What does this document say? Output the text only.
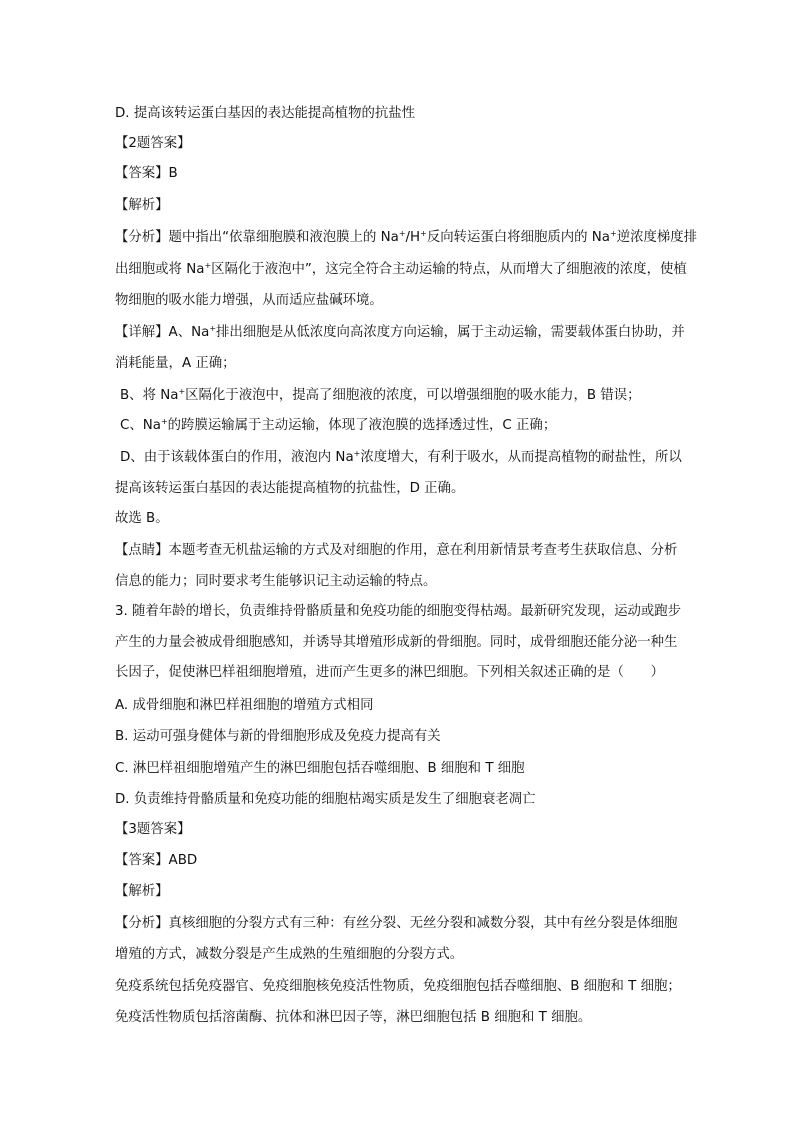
D. 提高该转运蛋白基因的表达能提高植物的抗盐性
【2题答案】
【答案】B
【解析】
【分析】题中指出“依靠细胞膜和液泡膜上的 Na+/H+反向转运蛋白将细胞质内的 Na+逆浓度梯度排
出细胞或将 Na+区隔化于液泡中”，这完全符合主动运输的特点，从而增大了细胞液的浓度，使植
物细胞的吸水能力增强，从而适应盐碱环境。
【详解】A、Na+排出细胞是从低浓度向高浓度方向运输，属于主动运输，需要载体蛋白协助，并
消耗能量，A 正确；
B、将 Na+区隔化于液泡中，提高了细胞液的浓度，可以增强细胞的吸水能力，B 错误；
C、Na+的跨膜运输属于主动运输，体现了液泡膜的选择透过性，C 正确；
D、由于该载体蛋白的作用，液泡内 Na+浓度增大，有利于吸水，从而提高植物的耐盐性，所以
提高该转运蛋白基因的表达能提高植物的抗盐性，D 正确。
故选 B。
【点睛】本题考查无机盐运输的方式及对细胞的作用，意在利用新情景考查考生获取信息、分析
信息的能力；同时要求考生能够识记主动运输的特点。
3. 随着年龄的增长，负责维持骨骼质量和免疫功能的细胞变得枯竭。最新研究发现，运动或跑步
产生的力量会被成骨细胞感知，并诱导其增殖形成新的骨细胞。同时，成骨细胞还能分泌一种生
长因子，促使淋巴样祖细胞增殖，进而产生更多的淋巴细胞。下列相关叙述正确的是（　　）
A. 成骨细胞和淋巴样祖细胞的增殖方式相同
B. 运动可强身健体与新的骨细胞形成及免疫力提高有关
C. 淋巴样祖细胞增殖产生的淋巴细胞包括吞噬细胞、B 细胞和 T 细胞
D. 负责维持骨骼质量和免疫功能的细胞枯竭实质是发生了细胞衰老凋亡
【3题答案】
【答案】ABD
【解析】
【分析】真核细胞的分裂方式有三种：有丝分裂、无丝分裂和减数分裂，其中有丝分裂是体细胞
增殖的方式，减数分裂是产生成熟的生殖细胞的分裂方式。
免疫系统包括免疫器官、免疫细胞核免疫活性物质，免疫细胞包括吞噬细胞、B 细胞和 T 细胞；
免疫活性物质包括溶菌酶、抗体和淋巴因子等，淋巴细胞包括 B 细胞和 T 细胞。
